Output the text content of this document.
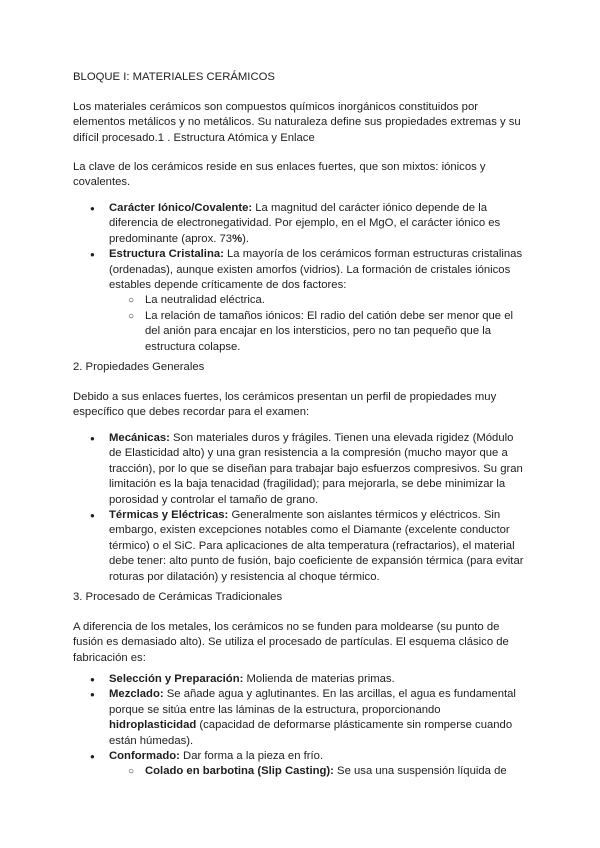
BLOQUE I: MATERIALES CERÁMICOS

Los materiales cerámicos son compuestos químicos inorgánicos constituidos por elementos metálicos y no metálicos. Su naturaleza define sus propiedades extremas y su difícil procesado.1 . Estructura Atómica y Enlace

La clave de los cerámicos reside en sus enlaces fuertes, que son mixtos: iónicos y covalentes.

● Carácter Iónico/Covalente: La magnitud del carácter iónico depende de la diferencia de electronegatividad. Por ejemplo, en el MgO, el carácter iónico es predominante (aprox. 73%).
● Estructura Cristalina: La mayoría de los cerámicos forman estructuras cristalinas (ordenadas), aunque existen amorfos (vidrios). La formación de cristales iónicos estables depende críticamente de dos factores:
○ La neutralidad eléctrica.
○ La relación de tamaños iónicos: El radio del catión debe ser menor que el del anión para encajar en los intersticios, pero no tan pequeño que la estructura colapse.

2. Propiedades Generales

Debido a sus enlaces fuertes, los cerámicos presentan un perfil de propiedades muy específico que debes recordar para el examen:

● Mecánicas: Son materiales duros y frágiles. Tienen una elevada rigidez (Módulo de Elasticidad alto) y una gran resistencia a la compresión (mucho mayor que a tracción), por lo que se diseñan para trabajar bajo esfuerzos compresivos. Su gran limitación es la baja tenacidad (fragilidad); para mejorarla, se debe minimizar la porosidad y controlar el tamaño de grano.
● Térmicas y Eléctricas: Generalmente son aislantes térmicos y eléctricos. Sin embargo, existen excepciones notables como el Diamante (excelente conductor térmico) o el SiC. Para aplicaciones de alta temperatura (refractarios), el material debe tener: alto punto de fusión, bajo coeficiente de expansión térmica (para evitar roturas por dilatación) y resistencia al choque térmico.

3. Procesado de Cerámicas Tradicionales

A diferencia de los metales, los cerámicos no se funden para moldearse (su punto de fusión es demasiado alto). Se utiliza el procesado de partículas. El esquema clásico de fabricación es:

● Selección y Preparación: Molienda de materias primas.
● Mezclado: Se añade agua y aglutinantes. En las arcillas, el agua es fundamental porque se sitúa entre las láminas de la estructura, proporcionando hidroplasticidad (capacidad de deformarse plásticamente sin romperse cuando están húmedas).
● Conformado: Dar forma a la pieza en frío.
○ Colado en barbotina (Slip Casting): Se usa una suspensión líquida de
